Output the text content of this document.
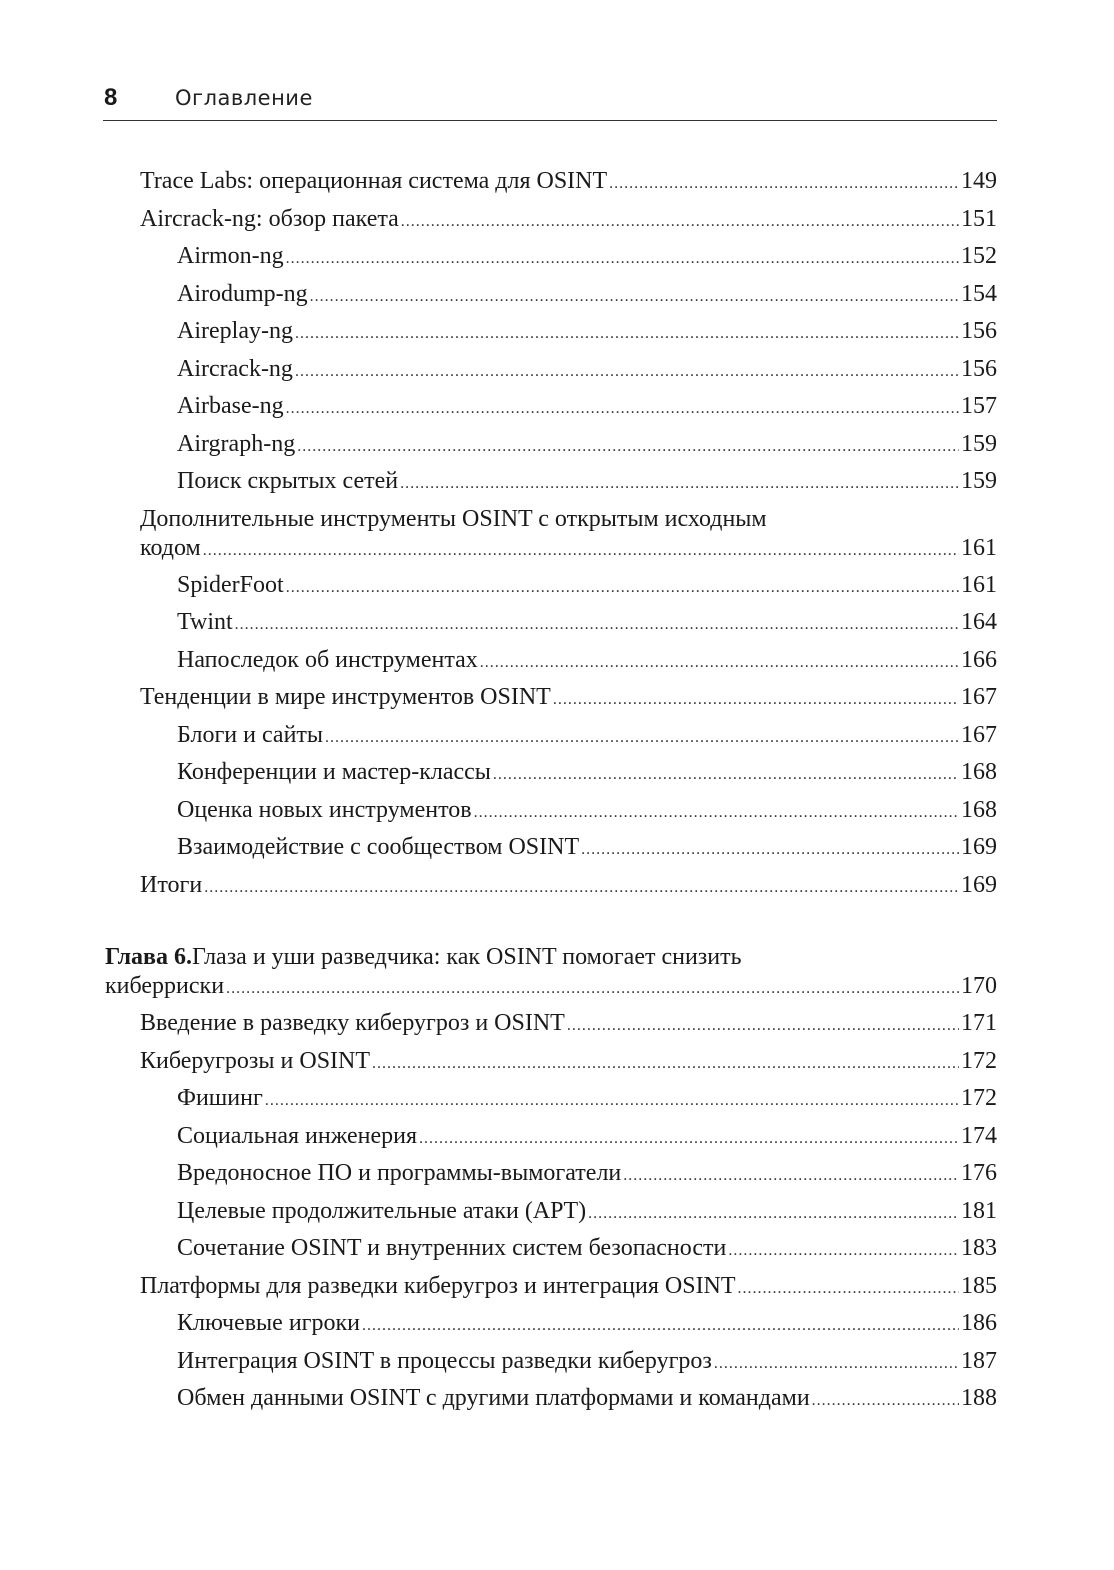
8	Оглавление
Trace Labs: операционная система для OSINT .....	149
Aircrack-ng: обзор пакета .....	151
Airmon-ng .....	152
Airodump-ng .....	154
Aireplay-ng .....	156
Aircrack-ng .....	156
Airbase-ng .....	157
Airgraph-ng .....	159
Поиск скрытых сетей .....	159
Дополнительные инструменты OSINT с открытым исходным
кодом .....	161
SpiderFoot .....	161
Twint .....	164
Напоследок об инструментах .....	166
Тенденции в мире инструментов OSINT .....	167
Блоги и сайты .....	167
Конференции и мастер-классы .....	168
Оценка новых инструментов .....	168
Взаимодействие с сообществом OSINT .....	169
Итоги .....	169
Глава 6. Глаза и уши разведчика: как OSINT помогает снизить
киберриски .....	170
Введение в разведку киберугроз и OSINT .....	171
Киберугрозы и OSINT .....	172
Фишинг .....	172
Социальная инженерия .....	174
Вредоносное ПО и программы-вымогатели .....	176
Целевые продолжительные атаки (APT) .....	181
Сочетание OSINT и внутренних систем безопасности .....	183
Платформы для разведки киберугроз и интеграция OSINT .....	185
Ключевые игроки .....	186
Интеграция OSINT в процессы разведки киберугроз .....	187
Обмен данными OSINT с другими платформами и командами .....	188
